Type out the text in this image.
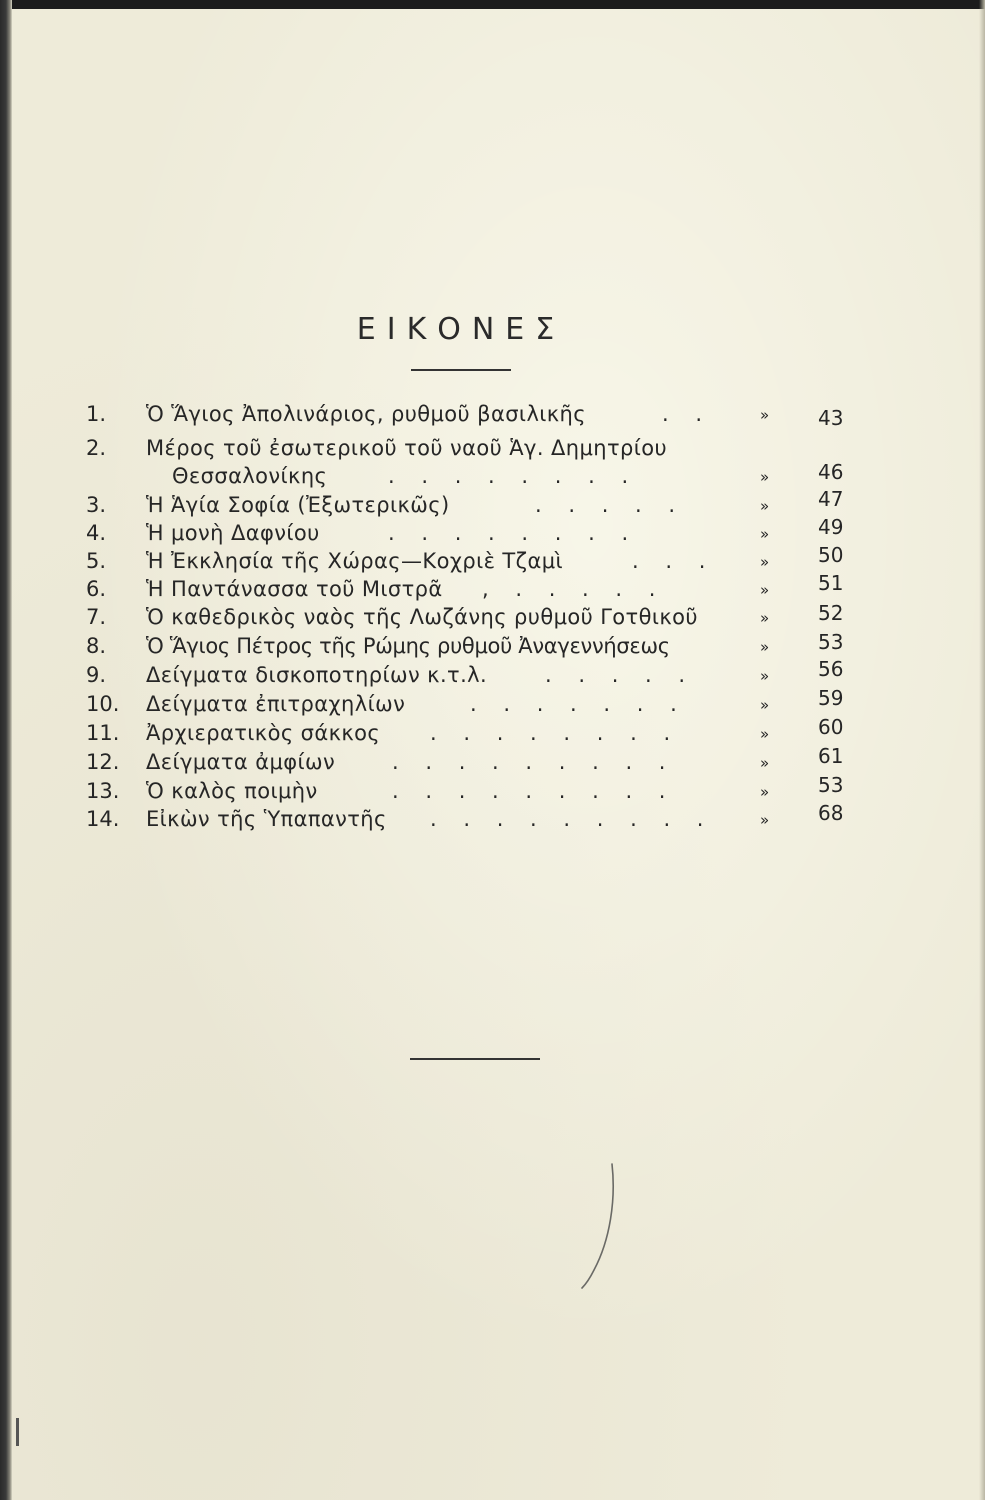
ΕΙΚΟΝΕΣ
1.	Ὁ Ἅγιος Ἀπολινάριος, ρυθμοῦ βασιλικῆς	. .	» 43
2.	Μέρος τοῦ ἐσωτερικοῦ τοῦ ναοῦ Ἁγ. Δημητρίου
Θεσσαλονίκης	. . . . . . . .	» 46
3.	Ἡ Ἁγία Σοφία (Ἐξωτερικῶς)	. . . . .	» 47
4.	Ἡ μονὴ Δαφνίου	. . . . . . . .	» 49
5.	Ἡ Ἐκκλησία τῆς Χώρας—Κοχριὲ Τζαμὶ	. . .	» 50
6.	Ἡ Παντάνασσα τοῦ Μιστρᾶ , . . . . .	» 51
7.	Ὁ καθεδρικὸς ναὸς τῆς Λωζάνης ρυθμοῦ Γοτθικοῦ	» 52
8.	Ὁ Ἅγιος Πέτρος τῆς Ρώμης ρυθμοῦ Ἀναγεννήσεως	» 53
9.	Δείγματα δισκοποτηρίων κ.τ.λ.	. . . . .	» 56
10.	Δείγματα ἐπιτραχηλίων	. . . . . . .	» 59
11.	Ἀρχιερατικὸς σάκκος . . . . . . . .	» 60
12.	Δείγματα ἀμφίων	. . . . . . . . .	» 61
13.	Ὁ καλὸς ποιμὴν	. . . . . . . . .	» 53
14.	Εἰκὼν τῆς Ὑπαπαντῆς . . . . . . . . .	» 68
